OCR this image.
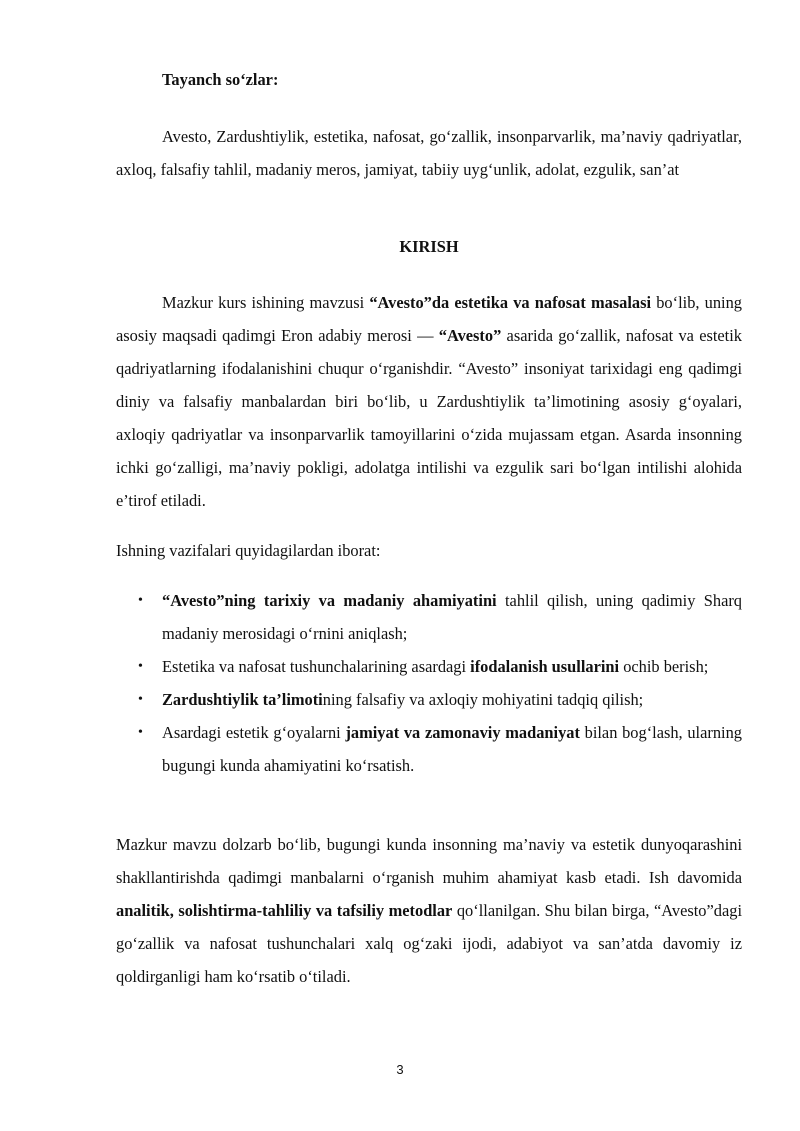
Tayanch so‘zlar:

Avesto, Zardushtiylik, estetika, nafosat, go‘zallik, insonparvarlik, ma’naviy qadriyatlar, axloq, falsafiy tahlil, madaniy meros, jamiyat, tabiiy uyg‘unlik, adolat, ezgulik, san’at

KIRISH

Mazkur kurs ishining mavzusi “Avesto”da estetika va nafosat masalasi bo‘lib, uning asosiy maqsadi qadimgi Eron adabiy merosi — “Avesto” asarida go‘zallik, nafosat va estetik qadriyatlarning ifodalanishini chuqur o‘rganishdir. “Avesto” insoniyat tarixidagi eng qadimgi diniy va falsafiy manbalardan biri bo‘lib, u Zardushtiylik ta’limotining asosiy g‘oyalari, axloqiy qadriyatlar va insonparvarlik tamoyillarini o‘zida mujassam etgan. Asarda insonning ichki go‘zalligi, ma’naviy pokligi, adolatga intilishi va ezgulik sari bo‘lgan intilishi alohida e’tirof etiladi.

Ishning vazifalari quyidagilardan iborat:

• “Avesto”ning tarixiy va madaniy ahamiyatini tahlil qilish, uning qadimiy Sharq madaniy merosidagi o‘rnini aniqlash;
• Estetika va nafosat tushunchalarining asardagi ifodalanish usullarini ochib berish;
• Zardushtiylik ta’limotining falsafiy va axloqiy mohiyatini tadqiq qilish;
• Asardagi estetik g‘oyalarni jamiyat va zamonaviy madaniyat bilan bog‘lash, ularning bugungi kunda ahamiyatini ko‘rsatish.

Mazkur mavzu dolzarb bo‘lib, bugungi kunda insonning ma’naviy va estetik dunyoqarashini shakllantirishda qadimgi manbalarni o‘rganish muhim ahamiyat kasb etadi. Ish davomida analitik, solishtirma-tahliliy va tafsiliy metodlar qo‘llanilgan. Shu bilan birga, “Avesto”dagi go‘zallik va nafosat tushunchalari xalq og‘zaki ijodi, adabiyot va san’atda davomiy iz qoldirganligi ham ko‘rsatib o‘tiladi.

3
